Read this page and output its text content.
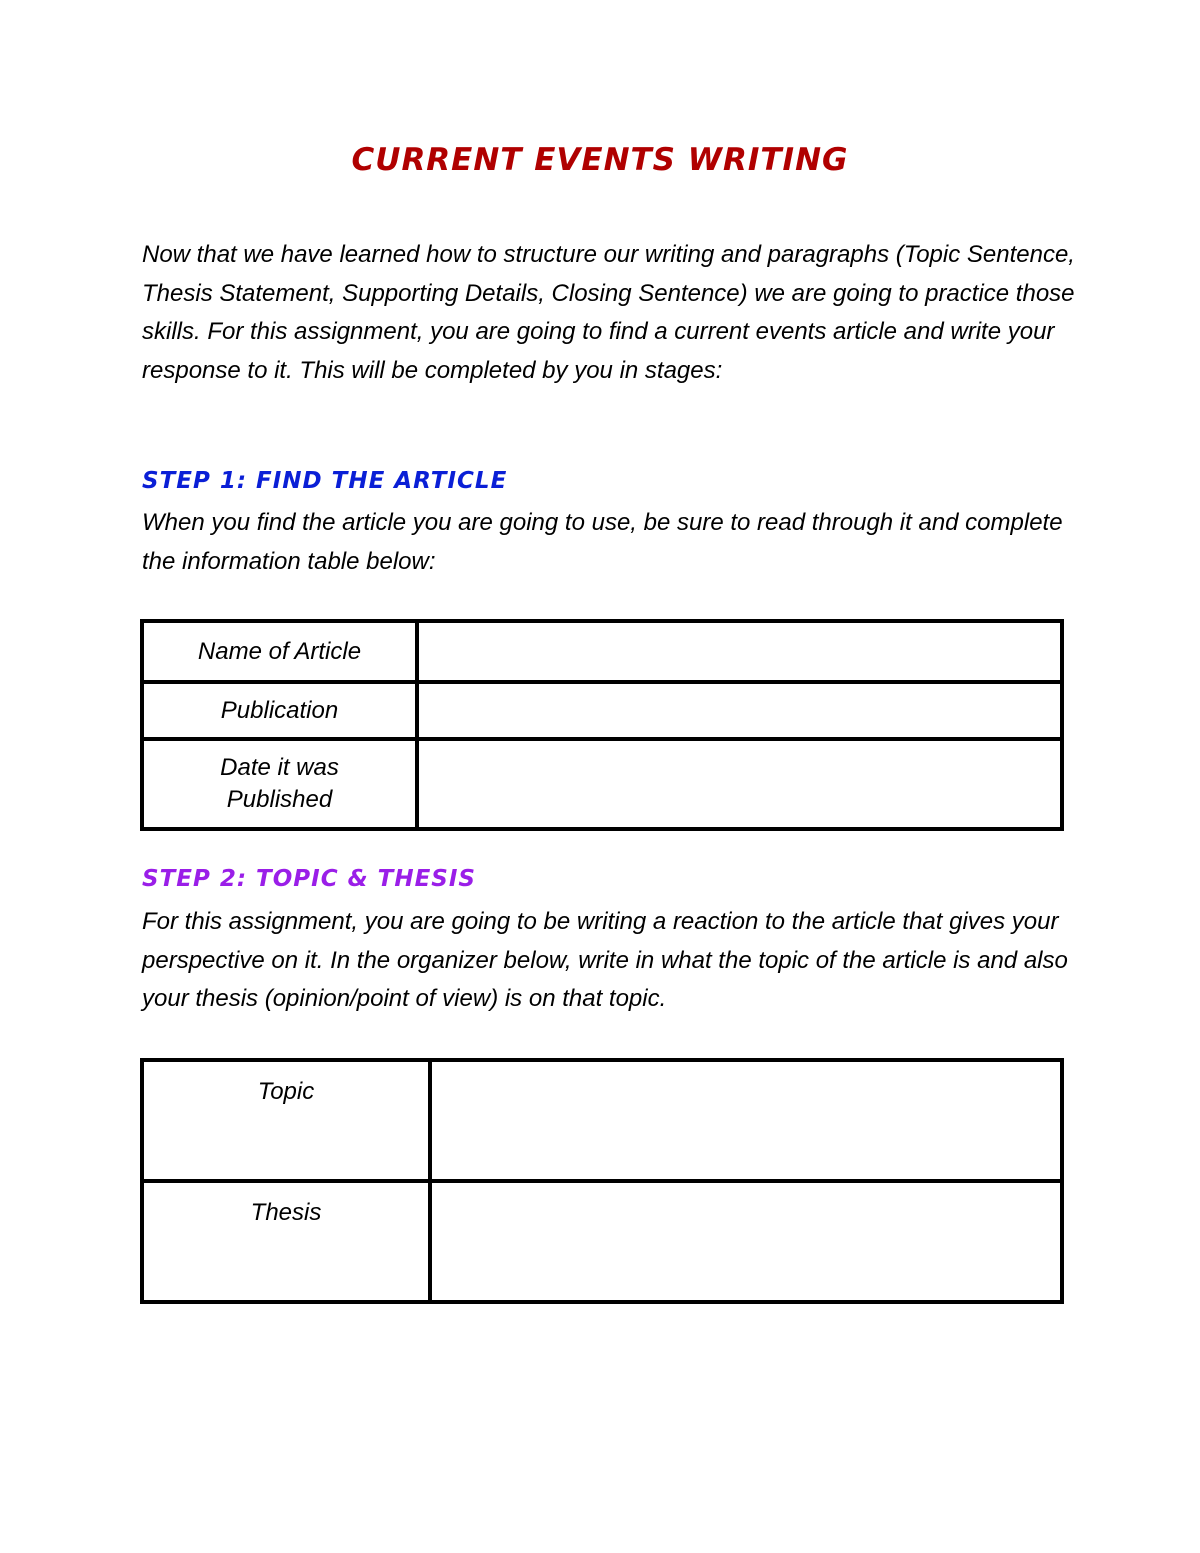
CURRENT EVENTS WRITING

Now that we have learned how to structure our writing and paragraphs (Topic Sentence, Thesis Statement, Supporting Details, Closing Sentence) we are going to practice those skills. For this assignment, you are going to find a current events article and write your response to it. This will be completed by you in stages:

STEP 1: FIND THE ARTICLE

When you find the article you are going to use, be sure to read through it and complete the information table below:

Name of Article	
Publication	
Date it was Published	
STEP 2: TOPIC & THESIS

For this assignment, you are going to be writing a reaction to the article that gives your perspective on it. In the organizer below, write in what the topic of the article is and also your thesis (opinion/point of view) is on that topic.

Topic	
Thesis	
